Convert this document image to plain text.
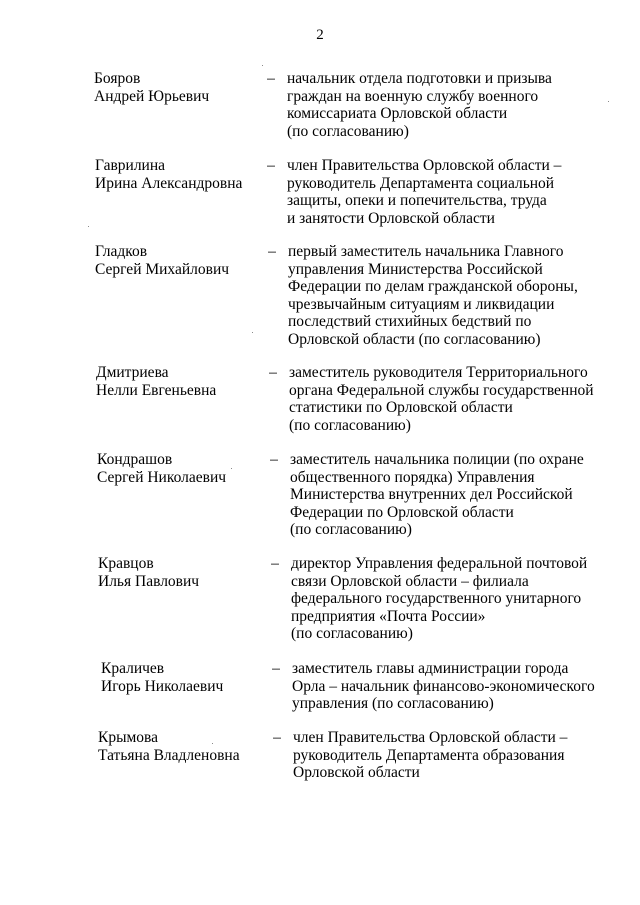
2
Бояров
Андрей Юрьевич
– начальник отдела подготовки и призыва
граждан на военную службу военного
комиссариата Орловской области
(по согласованию)
Гаврилина
Ирина Александровна
– член Правительства Орловской области –
руководитель Департамента социальной
защиты, опеки и попечительства, труда
и занятости Орловской области
Гладков
Сергей Михайлович
– первый заместитель начальника Главного
управления Министерства Российской
Федерации по делам гражданской обороны,
чрезвычайным ситуациям и ликвидации
последствий стихийных бедствий по
Орловской области (по согласованию)
Дмитриева
Нелли Евгеньевна
– заместитель руководителя Территориального
органа Федеральной службы государственной
статистики по Орловской области
(по согласованию)
Кондрашов
Сергей Николаевич
– заместитель начальника полиции (по охране
общественного порядка) Управления
Министерства внутренних дел Российской
Федерации по Орловской области
(по согласованию)
Кравцов
Илья Павлович
– директор Управления федеральной почтовой
связи Орловской области – филиала
федерального государственного унитарного
предприятия «Почта России»
(по согласованию)
Краличев
Игорь Николаевич
– заместитель главы администрации города
Орла – начальник финансово-экономического
управления (по согласованию)
Крымова
Татьяна Владленовна
– член Правительства Орловской области –
руководитель Департамента образования
Орловской области
